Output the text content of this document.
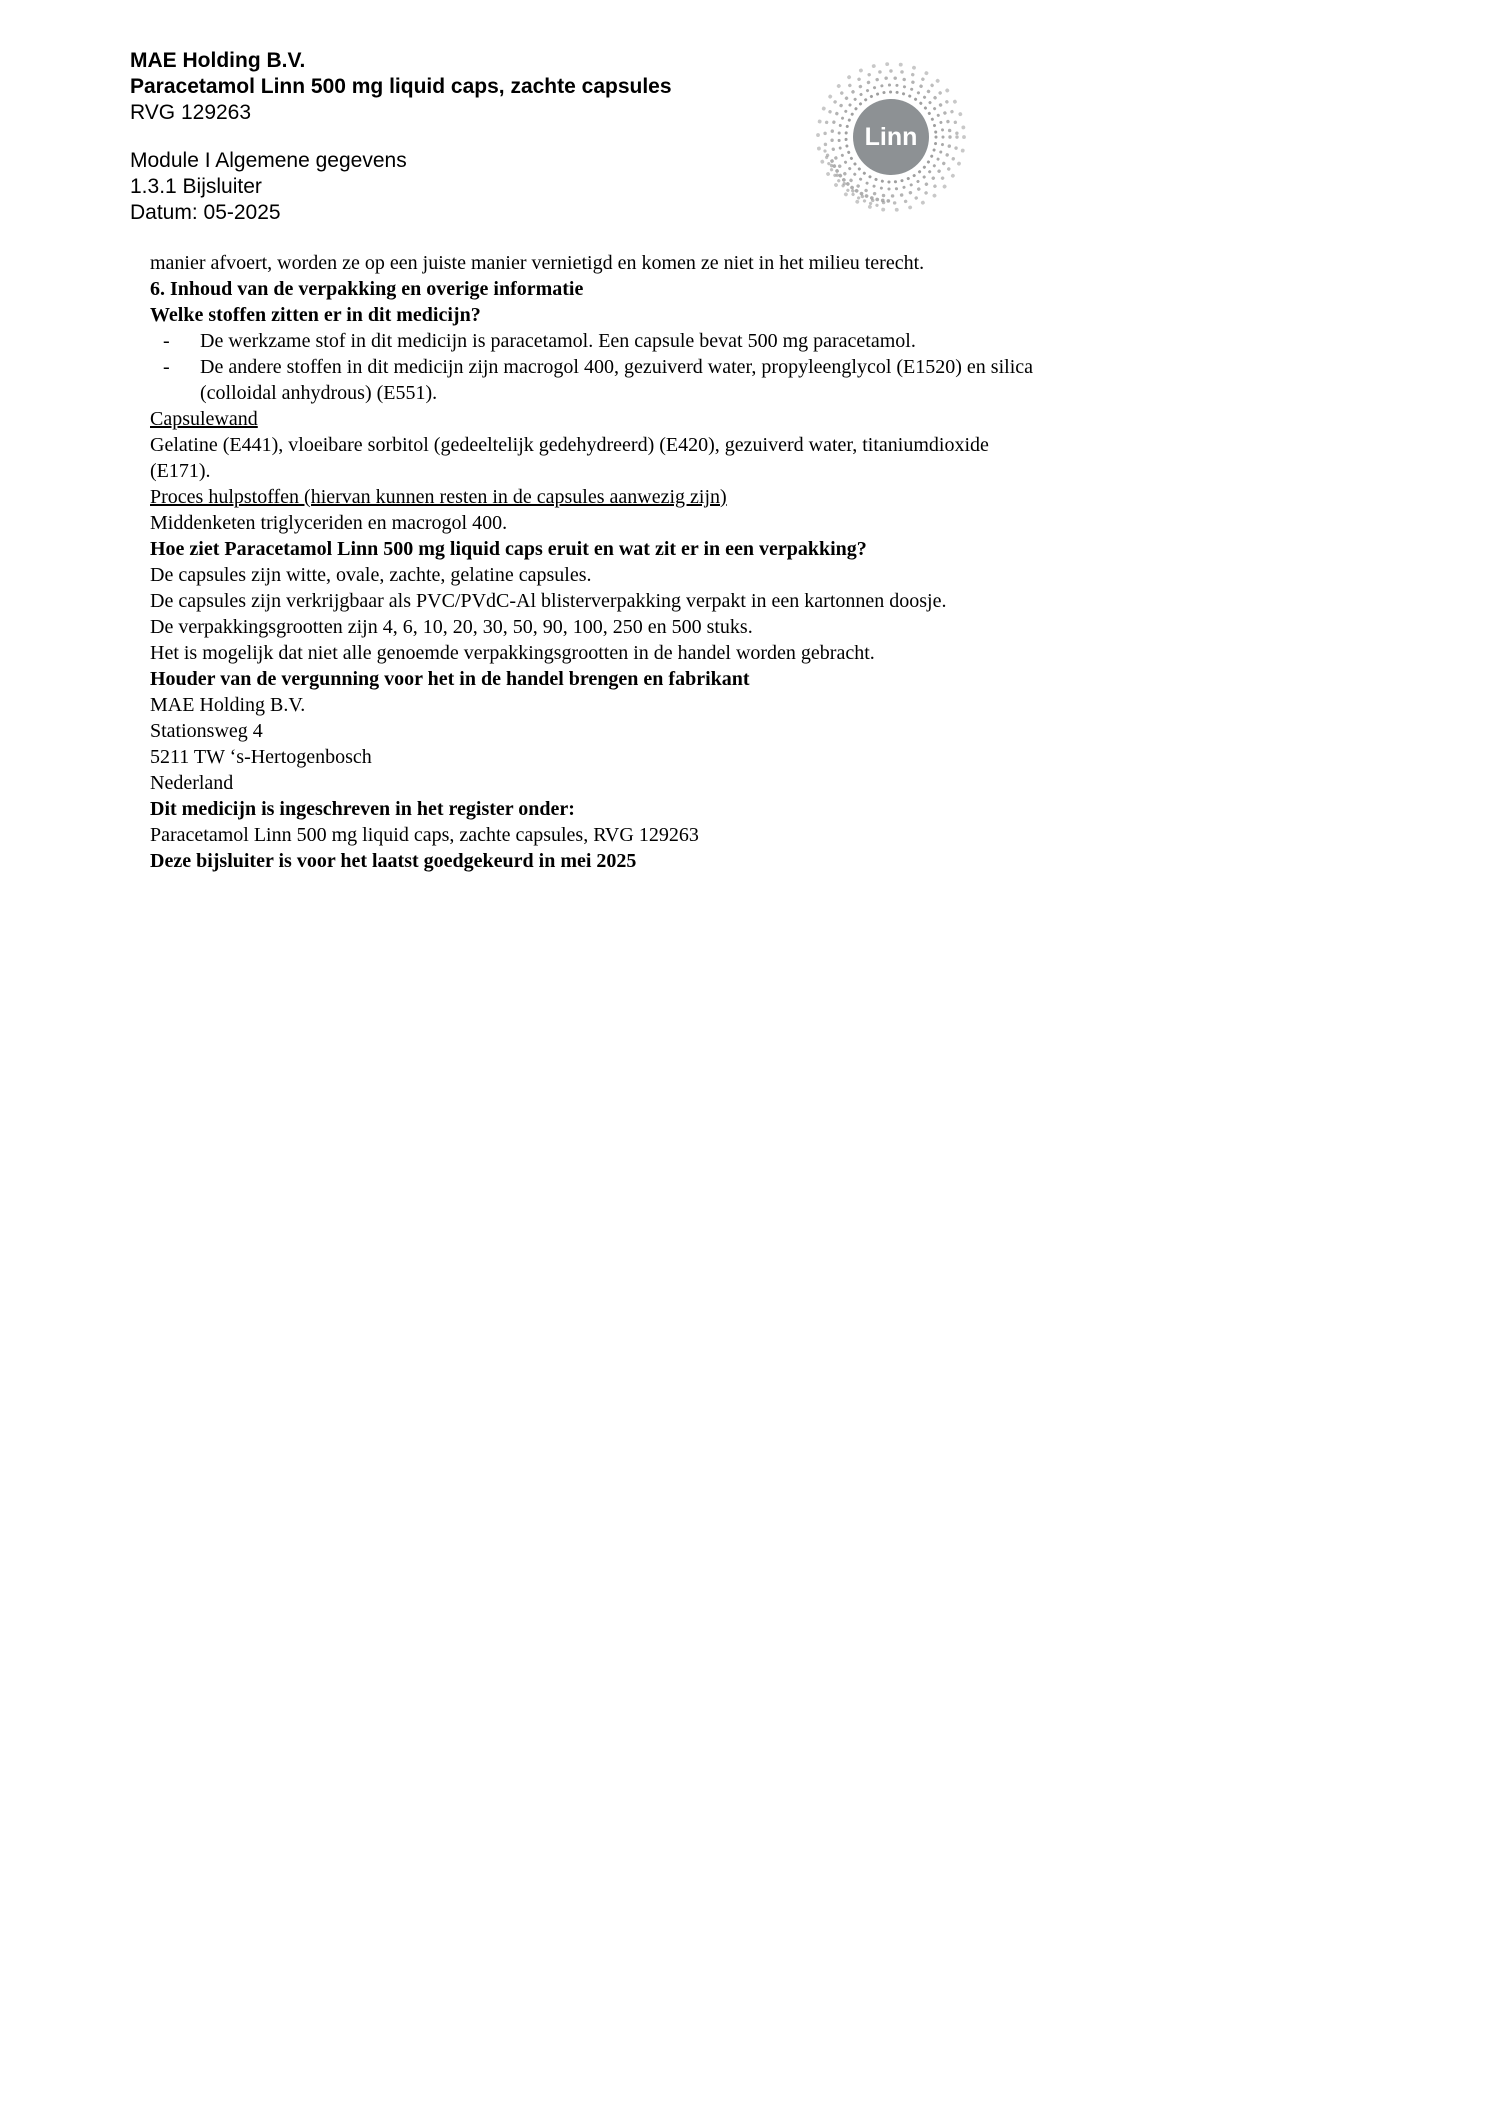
MAE Holding B.V.
Paracetamol Linn 500 mg liquid caps, zachte capsules
RVG 129263
Module I Algemene gegevens
1.3.1 Bijsluiter
Datum: 05-2025
Linn

manier afvoert, worden ze op een juiste manier vernietigd en komen ze niet in het milieu terecht.

6. Inhoud van de verpakking en overige informatie

Welke stoffen zitten er in dit medicijn?

-	De werkzame stof in dit medicijn is paracetamol. Een capsule bevat 500 mg paracetamol.
-	De andere stoffen in dit medicijn zijn macrogol 400, gezuiverd water, propyleenglycol (E1520) en silica (colloidal anhydrous) (E551).

Capsulewand

Gelatine (E441), vloeibare sorbitol (gedeeltelijk gedehydreerd) (E420), gezuiverd water, titaniumdioxide (E171).

Proces hulpstoffen (hiervan kunnen resten in de capsules aanwezig zijn)

Middenketen triglyceriden en macrogol 400.

Hoe ziet Paracetamol Linn 500 mg liquid caps eruit en wat zit er in een verpakking?

De capsules zijn witte, ovale, zachte, gelatine capsules.

De capsules zijn verkrijgbaar als PVC/PVdC-Al blisterverpakking verpakt in een kartonnen doosje.

De verpakkingsgrootten zijn 4, 6, 10, 20, 30, 50, 90, 100, 250 en 500 stuks.

Het is mogelijk dat niet alle genoemde verpakkingsgrootten in de handel worden gebracht.

Houder van de vergunning voor het in de handel brengen en fabrikant

MAE Holding B.V.

Stationsweg 4

5211 TW ‘s-Hertogenbosch

Nederland

Dit medicijn is ingeschreven in het register onder:

Paracetamol Linn 500 mg liquid caps, zachte capsules, RVG 129263

Deze bijsluiter is voor het laatst goedgekeurd in mei 2025
